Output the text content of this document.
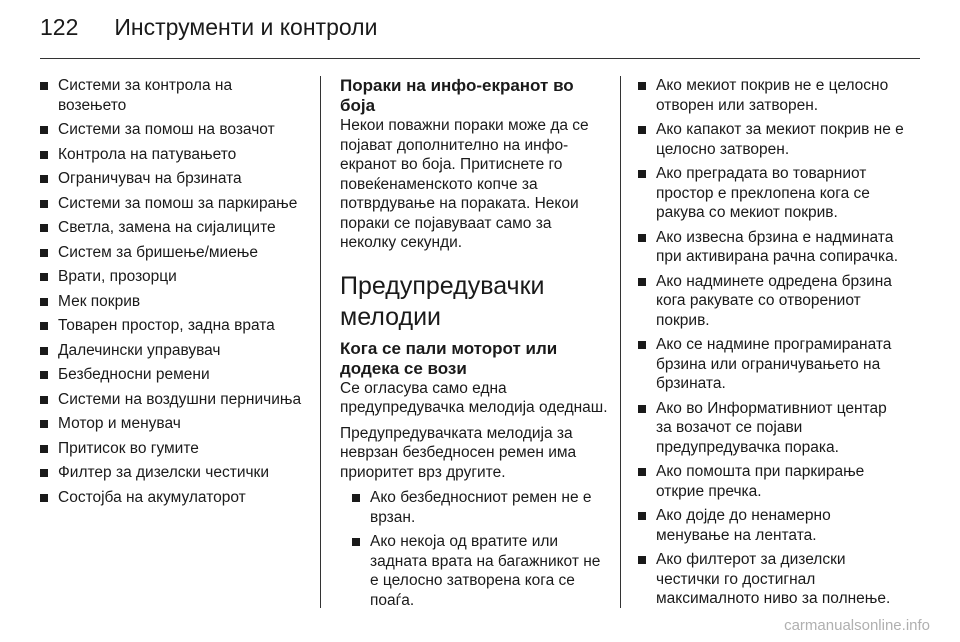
122 Инструменти и контроли
Системи за контрола на возењето
Системи за помош на возачот
Контрола на патувањето
Ограничувач на брзината
Системи за помош за паркирање
Светла, замена на сијалиците
Систем за бришење/миење
Врати, прозорци
Мек покрив
Товарен простор, задна врата
Далечински управувач
Безбедносни ремени
Системи на воздушни перничиња
Мотор и менувач
Притисок во гумите
Филтер за дизелски честички
Состојба на акумулаторот
Пораки на инфо-екранот во боја

Некои поважни пораки може да се појават дополнително на инфо-екранот во боја. Притиснете го повеќенаменското копче за потврдување на пораката. Некои пораки се појавуваат само за неколку секунди.

Предупредувачки мелодии
Кога се пали моторот или додека се вози

Се огласува само една предупредувачка мелодија одеднаш.

Предупредувачката мелодија за неврзан безбедносен ремен има приоритет врз другите.

Ако безбедносниот ремен не е врзан.
Ако некоја од вратите или задната врата на багажникот не е целосно затворена кога се поаѓа.
Ако мекиот покрив не е целосно отворен или затворен.
Ако капакот за мекиот покрив не е целосно затворен.
Ако преградата во товарниот простор е преклопена кога се ракува со мекиот покрив.
Ако извесна брзина е надмината при активирана рачна сопирачка.
Ако надминете одредена брзина кога ракувате со отворениот покрив.
Ако се надмине програмираната брзина или ограничувањето на брзината.
Ако во Информативниот центар за возачот се појави предупредувачка порака.
Ако помошта при паркирање открие пречка.
Ако дојде до ненамерно менување на лентата.
Ако филтерот за дизелски честички го достигнал максималното ниво за полнење.
carmanualsonline.info
